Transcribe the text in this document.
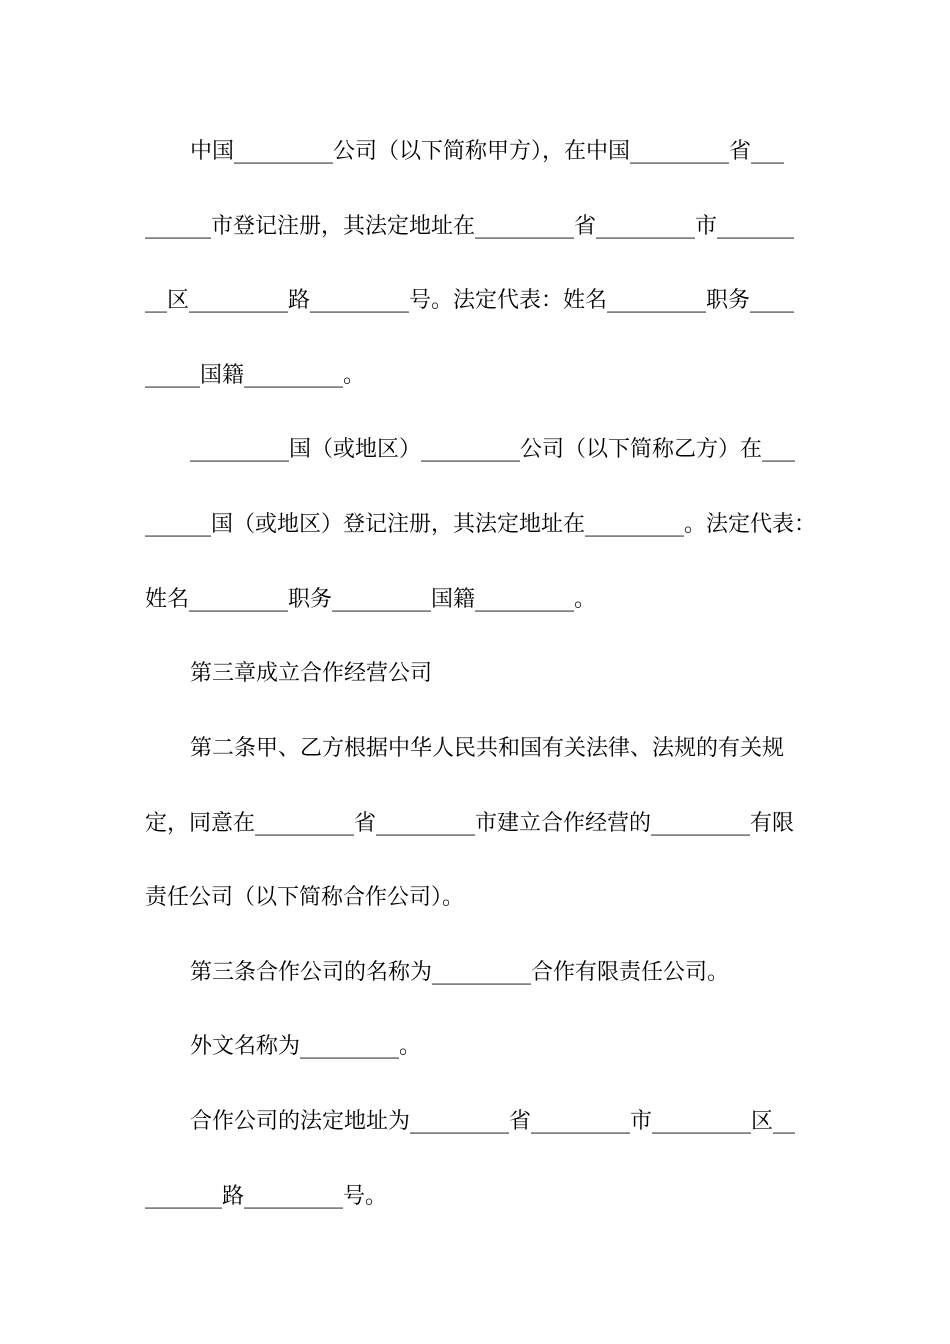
中国_________公司（以下简称甲方），在中国_________省___
______市登记注册，其法定地址在_________省_________市_______
__区_________路_________号。法定代表：姓名_________职务____
_____国籍_________。
_________国（或地区）_________公司（以下简称乙方）在___
______国（或地区）登记注册，其法定地址在_________。法定代表：
姓名_________职务_________国籍_________。
第三章成立合作经营公司
第二条甲、乙方根据中华人民共和国有关法律、法规的有关规
定，同意在_________省_________市建立合作经营的_________有限
责任公司（以下简称合作公司）。
第三条合作公司的名称为_________合作有限责任公司。
外文名称为_________。
合作公司的法定地址为_________省_________市_________区__
_______路_________号。
